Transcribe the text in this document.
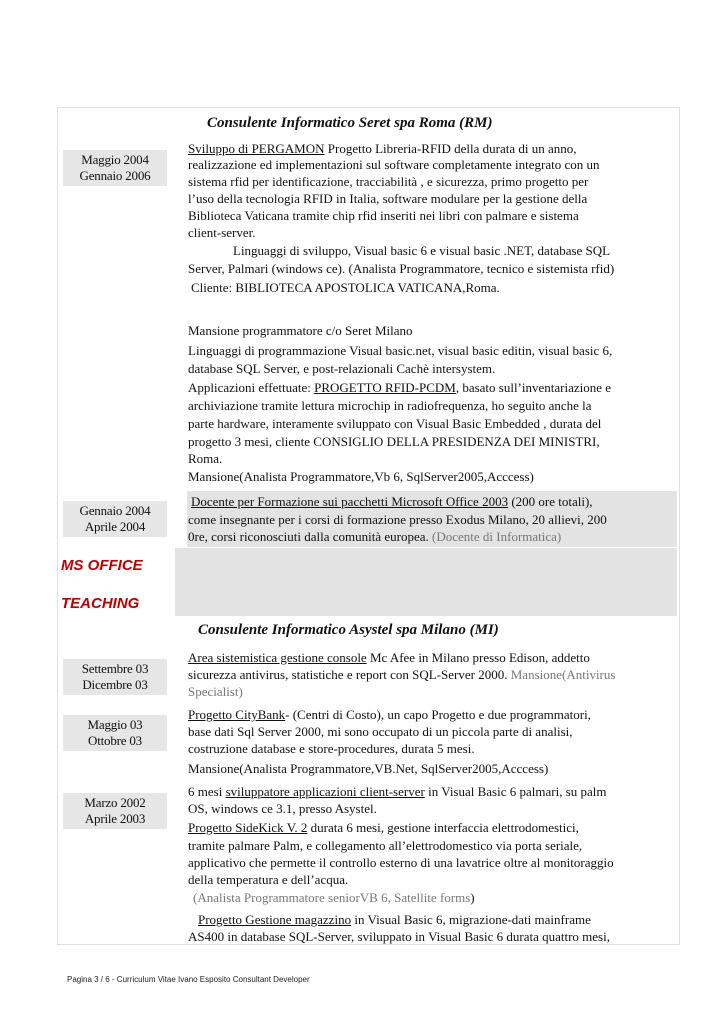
Consulente Informatico Seret spa Roma (RM)
Maggio 2004
Gennaio 2006
Sviluppo di PERGAMON Progetto Libreria-RFID della durata di un anno,
realizzazione ed implementazioni sul software completamente integrato con un
sistema rfid per identificazione, tracciabilità , e sicurezza, primo progetto per
l’uso della tecnologia RFID in Italia, software modulare per la gestione della
Biblioteca Vaticana tramite chip rfid inseriti nei libri con palmare e sistema
client-server.
Linguaggi di sviluppo, Visual basic 6 e visual basic .NET, database SQL
Server, Palmari (windows ce). (Analista Programmatore, tecnico e sistemista rfid)
Cliente: BIBLIOTECA APOSTOLICA VATICANA,Roma.
Mansione programmatore c/o Seret Milano
Linguaggi di programmazione Visual basic.net, visual basic editin, visual basic 6,
database SQL Server, e post-relazionali Cachè intersystem.
Applicazioni effettuate: PROGETTO RFID-PCDM, basato sull’inventariazione e
archiviazione tramite lettura microchip in radiofrequenza, ho seguito anche la
parte hardware, interamente sviluppato con Visual Basic Embedded , durata del
progetto 3 mesi, cliente CONSIGLIO DELLA PRESIDENZA DEI MINISTRI,
Roma.
Mansione(Analista Programmatore,Vb 6, SqlServer2005,Acccess)
Gennaio 2004
Aprile 2004
Docente per Formazione sui pacchetti Microsoft Office 2003 (200 ore totali),
come insegnante per i corsi di formazione presso Exodus Milano, 20 allievi, 200
0re, corsi riconosciuti dalla comunità europea. (Docente di Informatica)
MS OFFICE
TEACHING
Consulente Informatico Asystel spa Milano (MI)
Settembre 03
Dicembre 03
Maggio 03
Ottobre 03
Marzo 2002
Aprile 2003
Area sistemistica gestione console Mc Afee in Milano presso Edison, addetto
sicurezza antivirus, statistiche e report con SQL-Server 2000. Mansione(Antivirus
Specialist)
Progetto CityBank- (Centri di Costo), un capo Progetto e due programmatori,
base dati Sql Server 2000, mi sono occupato di un piccola parte di analisi,
costruzione database e store-procedures, durata 5 mesi.
Mansione(Analista Programmatore,VB.Net, SqlServer2005,Acccess)
6 mesi sviluppatore applicazioni client-server in Visual Basic 6 palmari, su palm
OS, windows ce 3.1, presso Asystel.
Progetto SideKick V. 2 durata 6 mesi, gestione interfaccia elettrodomestici,
tramite palmare Palm, e collegamento all’elettrodomestico via porta seriale,
applicativo che permette il controllo esterno di una lavatrice oltre al monitoraggio
della temperatura e dell’acqua.
(Analista Programmatore seniorVB 6, Satellite forms)
Progetto Gestione magazzino in Visual Basic 6, migrazione-dati mainframe
AS400 in database SQL-Server, sviluppato in Visual Basic 6 durata quattro mesi,
Pagina 3 / 6 - Curriculum Vitae Ivano Esposito Consultant Developer
